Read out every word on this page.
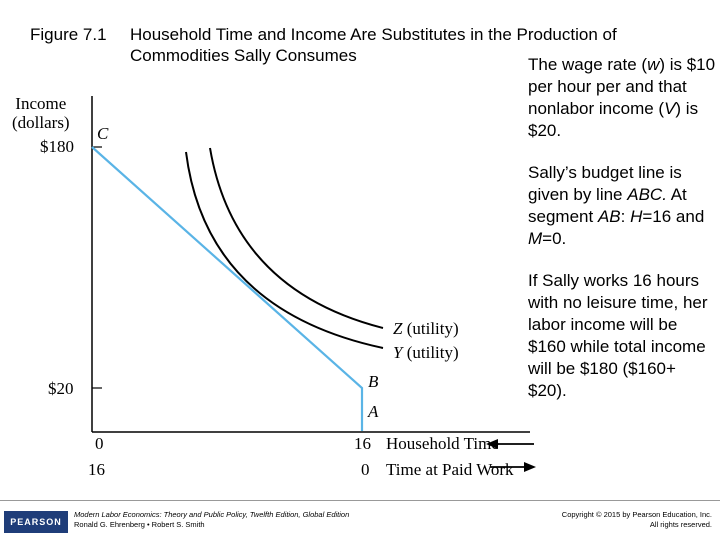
Figure 7.1 Household Time and Income Are Substitutes in the Production of
Commodities Sally Consumes
Income
(dollars)
$180
$20
C
B
A
Z (utility)
Y (utility)
0	16
16	0
Household Time
Time at Paid Work

The wage rate (w) is $10 per hour per and that nonlabor income (V) is $20.

Sally’s budget line is given by line ABC. At segment AB: H=16 and M=0.

If Sally works 16 hours with no leisure time, her labor income will be $160 while total income will be $180 ($160+ $20).

PEARSON
Modern Labor Economics: Theory and Public Policy, Twelfth Edition, Global Edition
Ronald G. Ehrenberg • Robert S. Smith
Copyright © 2015 by Pearson Education, Inc.
All rights reserved.
